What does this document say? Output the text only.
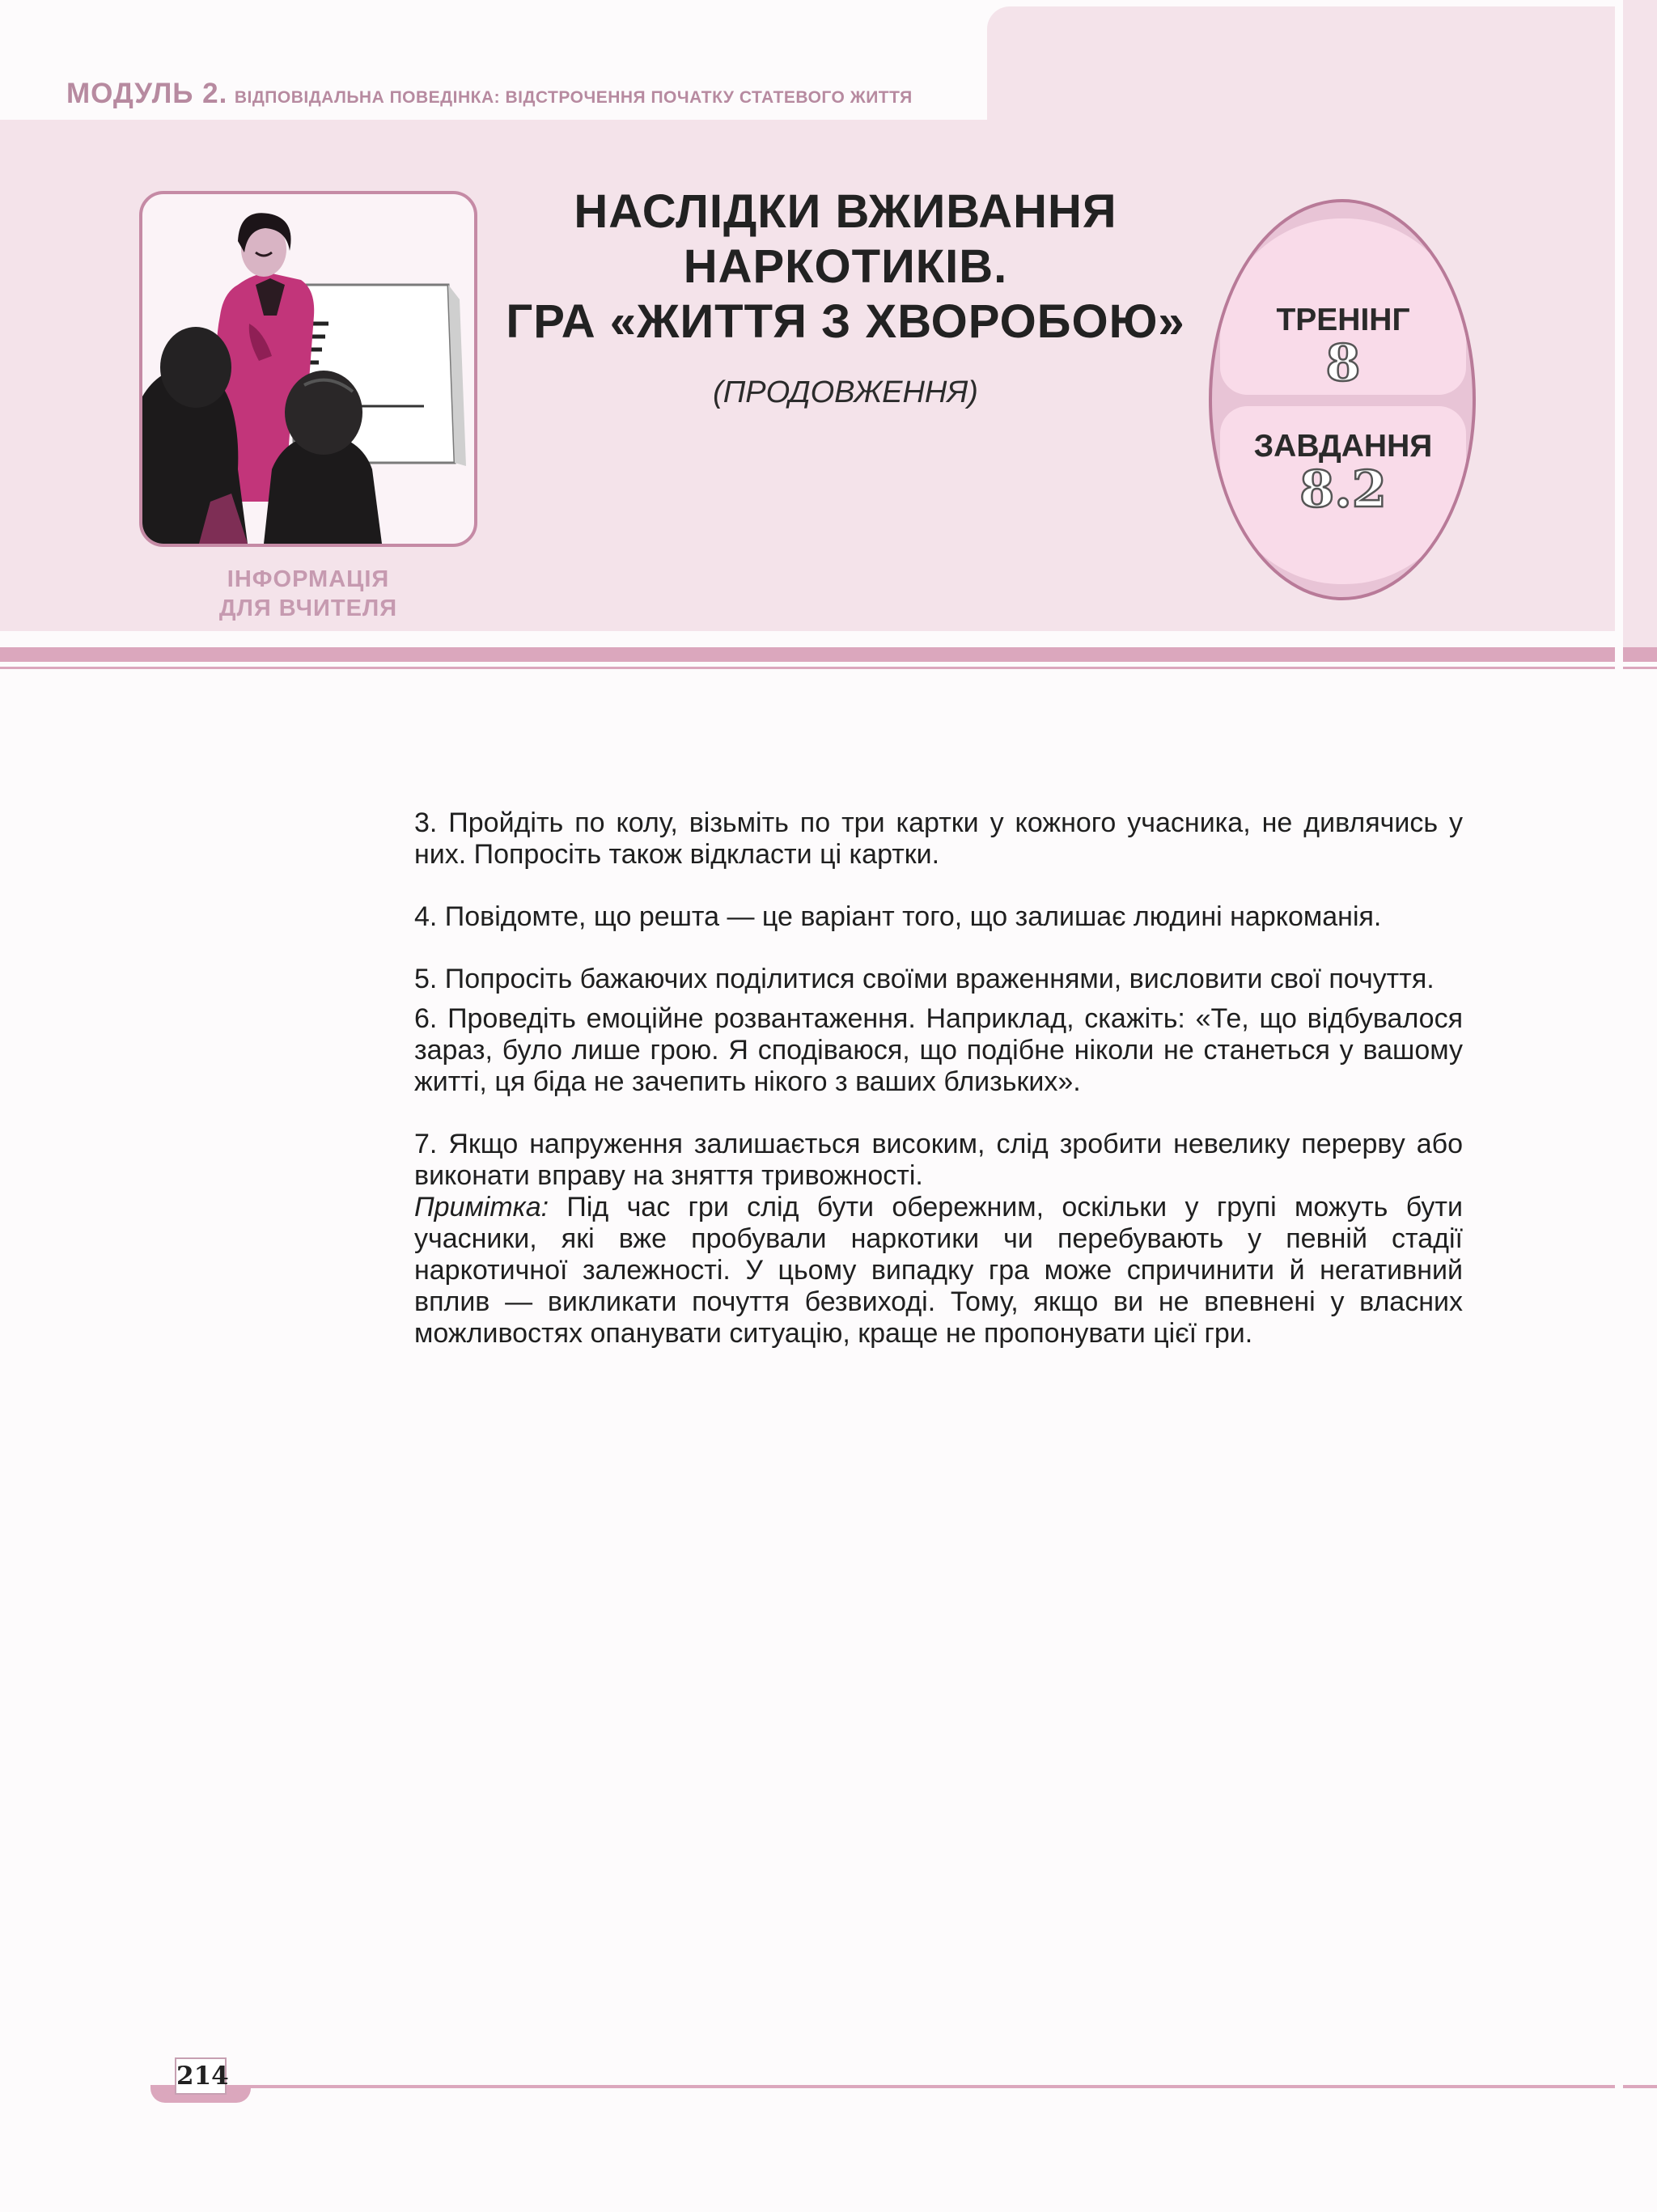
МОДУЛЬ 2. ВІДПОВІДАЛЬНА ПОВЕДІНКА: ВІДСТРОЧЕННЯ ПОЧАТКУ СТАТЕВОГО ЖИТТЯ
ІНФОРМАЦІЯ
ДЛЯ ВЧИТЕЛЯ
НАСЛІДКИ ВЖИВАННЯ
НАРКОТИКІВ.
ГРА «ЖИТТЯ З ХВОРОБОЮ»
(ПРОДОВЖЕННЯ)
ТРЕНІНГ
8
ЗАВДАННЯ
8.2

3. Пройдіть по колу, візьміть по три картки у кожного учасника, не дивлячись у них. Попросіть також відкласти ці картки.

4. Повідомте, що решта — це варіант того, що залишає людині наркоманія.

5. Попросіть бажаючих поділитися своїми враженнями, висловити свої почуття.

6. Проведіть емоційне розвантаження. Наприклад, скажіть: «Те, що відбувалося зараз, було лише грою. Я сподіваюся, що подібне ніколи не станеться у вашому житті, ця біда не зачепить нікого з ваших близьких».

7. Якщо напруження залишається високим, слід зробити невелику перерву або виконати вправу на зняття тривожності.

Примітка: Під час гри слід бути обережним, оскільки у групі можуть бути учасники, які вже пробували наркотики чи перебувають у певній стадії наркотичної залежності. У цьому випадку гра може спричинити й негативний вплив — викликати почуття безвиході. Тому, якщо ви не впевнені у власних можливостях опанувати ситуацію, краще не пропонувати цієї гри.

214
